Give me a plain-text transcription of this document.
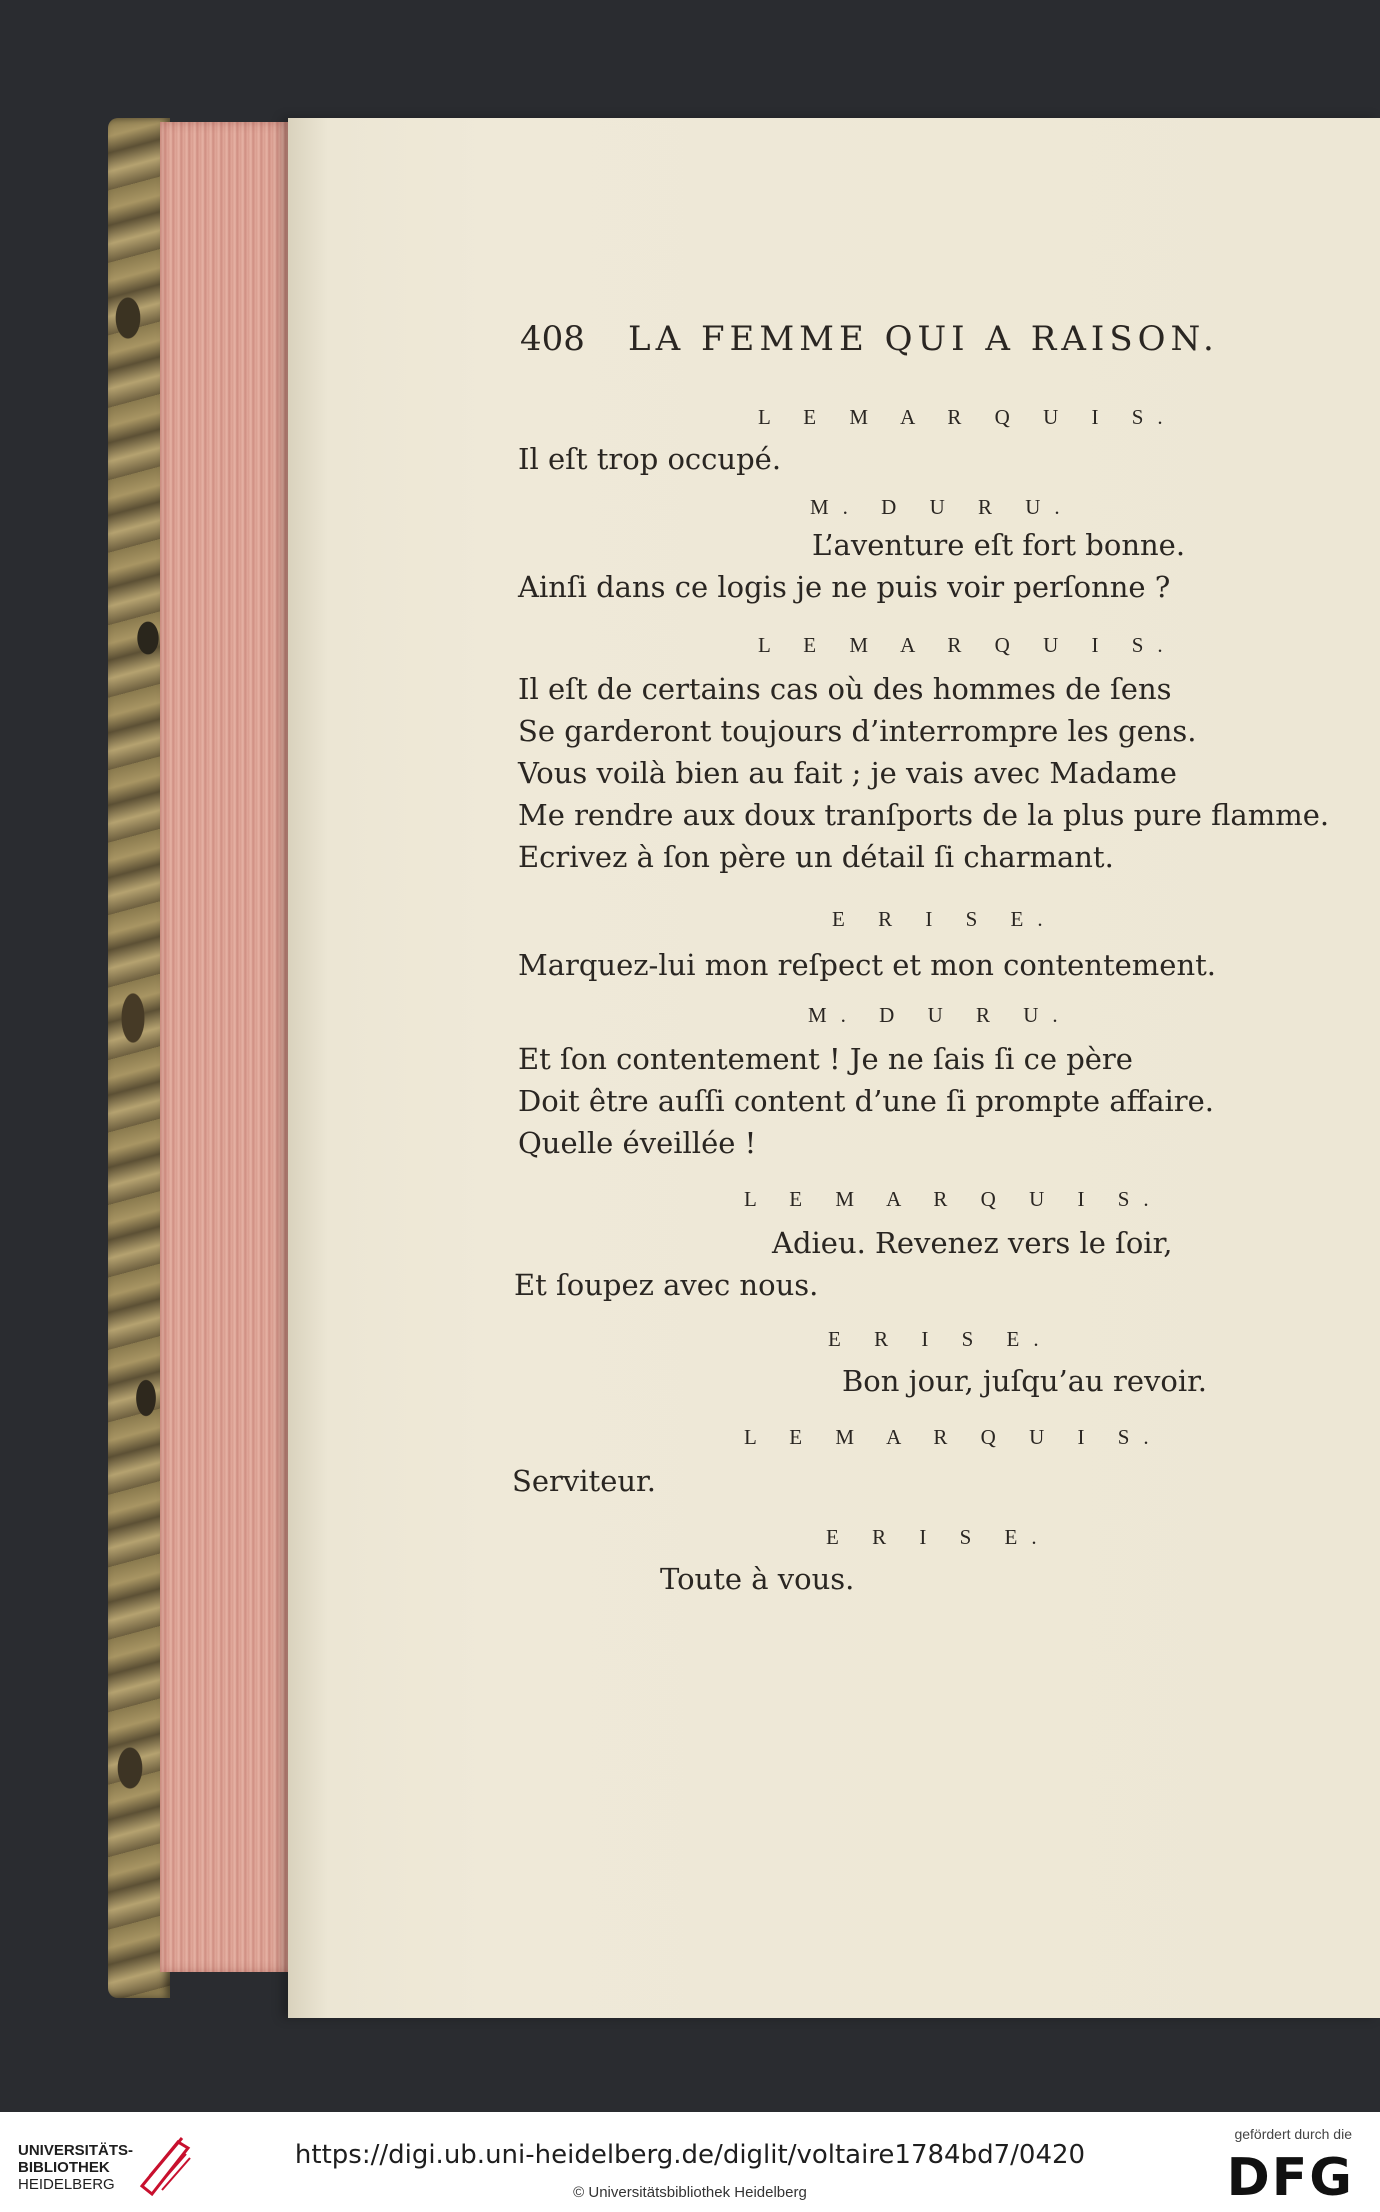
408 LA FEMME QUI A RAISON.
L E M A R Q U I S.
Il eſt trop occupé.
M. D U R U.
L’aventure eſt fort bonne.
Ainſi dans ce logis je ne puis voir perſonne ?
L E M A R Q U I S.
Il eſt de certains cas où des hommes de ſens
Se garderont toujours d’interrompre les gens.
Vous voilà bien au fait ; je vais avec Madame
Me rendre aux doux tranſports de la plus pure flamme.
Ecrivez à ſon père un détail ſi charmant.
E R I S E.
Marquez-lui mon reſpect et mon contentement.
M. D U R U.
Et ſon contentement ! Je ne ſais ſi ce père
Doit être auſſi content d’une ſi prompte affaire.
Quelle éveillée !
L E M A R Q U I S.
Adieu. Revenez vers le ſoir,
Et ſoupez avec nous.
E R I S E.
Bon jour, juſqu’au revoir.
L E M A R Q U I S.
Serviteur.
E R I S E.
Toute à vous.
UNIVERSITÄTS-
BIBLIOTHEK
HEIDELBERG
https://digi.ub.uni-heidelberg.de/diglit/voltaire1784bd7/0420
© Universitätsbibliothek Heidelberg
gefördert durch die
DFG
